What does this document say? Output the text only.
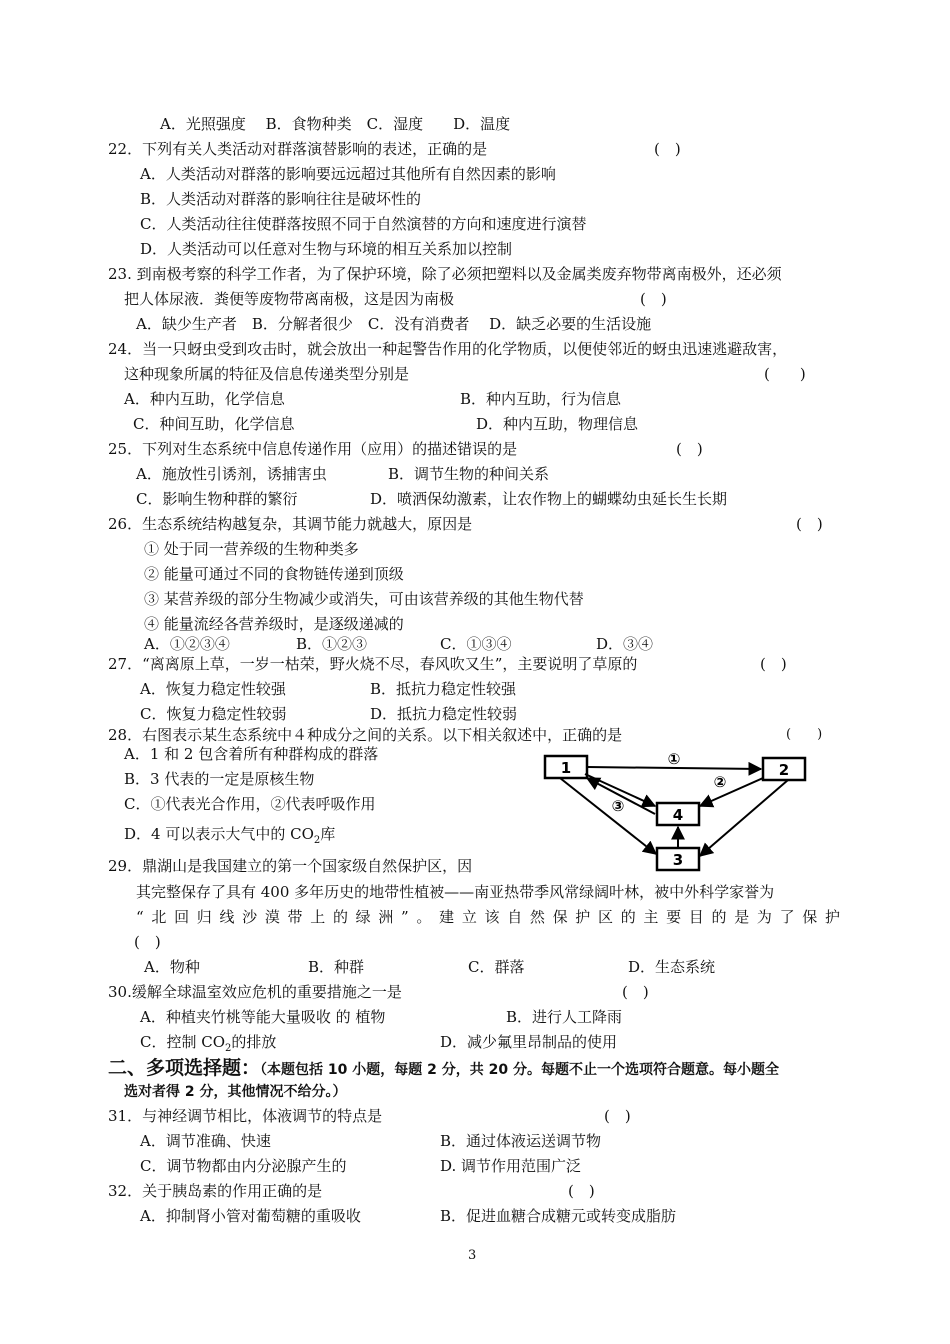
A．光照强度　 B．食物种类　C．湿度　　D．温度
22．下列有关人类活动对群落演替影响的表述，正确的是	(　)
A．人类活动对群落的影响要远远超过其他所有自然因素的影响
B．人类活动对群落的影响往往是破坏性的
C．人类活动往往使群落按照不同于自然演替的方向和速度进行演替
D．人类活动可以任意对生物与环境的相互关系加以控制
23. 到南极考察的科学工作者，为了保护环境，除了必须把塑料以及金属类废弃物带离南极外，还必须
把人体尿液．粪便等废物带离南极，这是因为南极	(　)
A．缺少生产者　B．分解者很少　C．没有消费者　 D．缺乏必要的生活设施
24．当一只蚜虫受到攻击时，就会放出一种起警告作用的化学物质，以便使邻近的蚜虫迅速逃避敌害，
这种现象所属的特征及信息传递类型分别是	(　　)
A．种内互助，化学信息	B．种内互助，行为信息
C．种间互助，化学信息	D．种内互助，物理信息
25．下列对生态系统中信息传递作用（应用）的描述错误的是	(　)
A．施放性引诱剂，诱捕害虫	B．调节生物的种间关系
C．影响生物种群的繁衍	D．喷洒保幼激素，让农作物上的蝴蝶幼虫延长生长期
26．生态系统结构越复杂，其调节能力就越大，原因是	(　)
① 处于同一营养级的生物种类多
② 能量可通过不同的食物链传递到顶级
③ 某营养级的部分生物减少或消失，可由该营养级的其他生物代替
④ 能量流经各营养级时，是逐级递减的
A．①②③④	B．①②③	C．①③④	D．③④
27．“离离原上草，一岁一枯荣，野火烧不尽，春风吹又生”，主要说明了草原的	(　)
A．恢复力稳定性较强	B．抵抗力稳定性较强
C．恢复力稳定性较弱	D．抵抗力稳定性较弱
28．右图表示某生态系统中４种成分之间的关系。以下相关叙述中，正确的是	(　　)
A．1 和 2 包含着所有种群构成的群落
B．3 代表的一定是原核生物
C．①代表光合作用，②代表呼吸作用
D．4 可以表示大气中的 $CO_2$库
1	2
4
3
①
②
③
29．鼎湖山是我国建立的第一个国家级自然保护区，因
其完整保存了具有 400 多年历史的地带性植被——南亚热带季风常绿阔叶林，被中外科学家誉为
“北回归线沙漠带上的绿洲”。建立该自然保护区的主要目的是为了保护
(　)
A．物种	B．种群	C．群落	D．生态系统
30.缓解全球温室效应危机的重要措施之一是	(　)
A．种植夹竹桃等能大量吸收 的 植物	B．进行人工降雨
C．控制 $CO_2$的排放	D．减少氟里昂制品的使用
二、多项选择题：（本题包括 10 小题，每题 2 分，共 20 分。每题不止一个选项符合题意。每小题全
选对者得 2 分，其他情况不给分。）
31．与神经调节相比，体液调节的特点是	(　)
A．调节准确、快速	B．通过体液运送调节物
C．调节物都由内分泌腺产生的	D. 调节作用范围广泛
32．关于胰岛素的作用正确的是	(　)
A．抑制肾小管对葡萄糖的重吸收	B．促进血糖合成糖元或转变成脂肪
3
